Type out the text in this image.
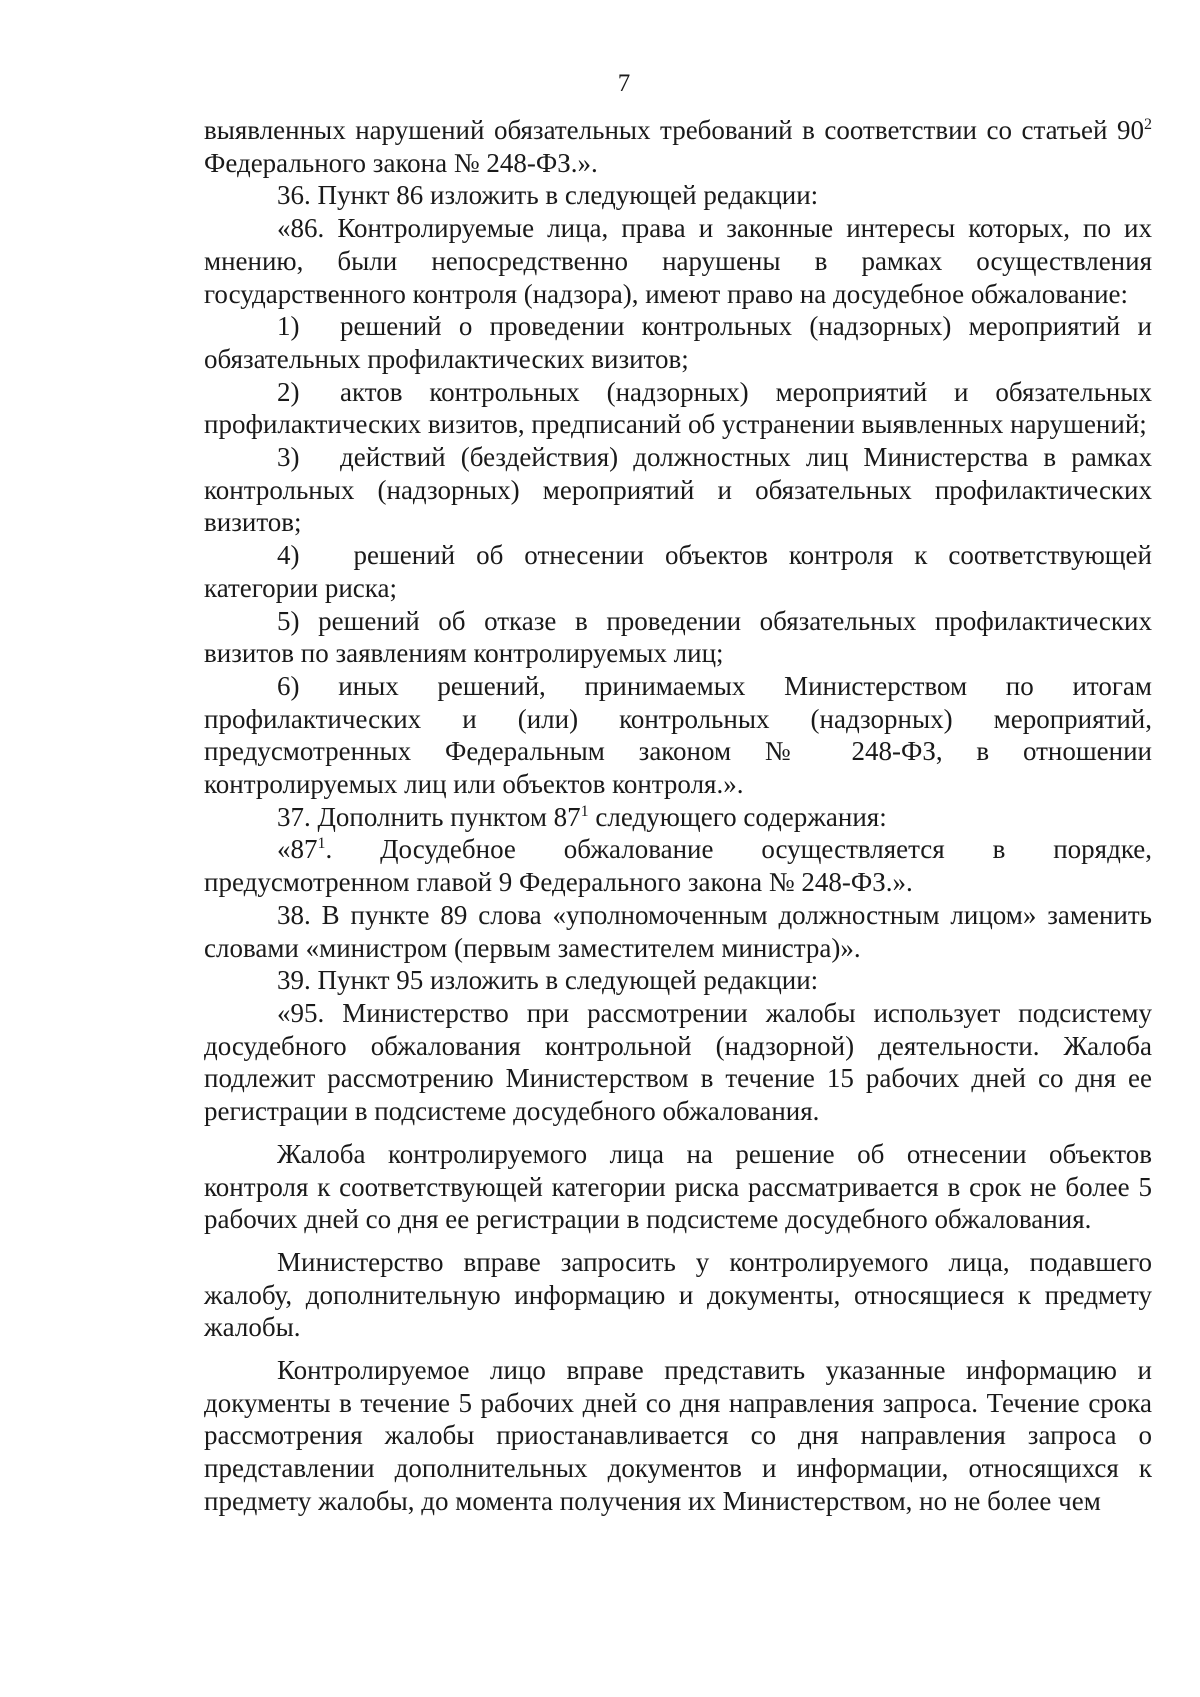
7

выявленных нарушений обязательных требований в соответствии со статьей $90^2$ Федерального закона № 248-ФЗ.».

36. Пункт 86 изложить в следующей редакции:

«86. Контролируемые лица, права и законные интересы которых, по их мнению, были непосредственно нарушены в рамках осуществления государственного контроля (надзора), имеют право на досудебное обжалование:

1)   решений о проведении контрольных (надзорных) мероприятий и обязательных профилактических визитов;

2)   актов контрольных (надзорных) мероприятий и обязательных профилактических визитов, предписаний об устранении выявленных нарушений;

3)   действий (бездействия) должностных лиц Министерства в рамках контрольных (надзорных) мероприятий и обязательных профилактических визитов;

4)   решений об отнесении объектов контроля к соответствующей категории риска;

5) решений об отказе в проведении обязательных профилактических визитов по заявлениям контролируемых лиц;

6) иных решений, принимаемых Министерством по итогам профилактических и (или) контрольных (надзорных) мероприятий, предусмотренных Федеральным законом № 248-ФЗ, в отношении контролируемых лиц или объектов контроля.».

37. Дополнить пунктом $87^1$ следующего содержания:

«$87^1$. Досудебное обжалование осуществляется в порядке, предусмотренном главой 9 Федерального закона № 248-ФЗ.».

38. В пункте 89 слова «уполномоченным должностным лицом» заменить словами «министром (первым заместителем министра)».

39. Пункт 95 изложить в следующей редакции:

«95. Министерство при рассмотрении жалобы использует подсистему досудебного обжалования контрольной (надзорной) деятельности. Жалоба подлежит рассмотрению Министерством в течение 15 рабочих дней со дня ее регистрации в подсистеме досудебного обжалования.

Жалоба контролируемого лица на решение об отнесении объектов контроля к соответствующей категории риска рассматривается в срок не более 5 рабочих дней со дня ее регистрации в подсистеме досудебного обжалования.

Министерство вправе запросить у контролируемого лица, подавшего жалобу, дополнительную информацию и документы, относящиеся к предмету жалобы.

Контролируемое лицо вправе представить указанные информацию и документы в течение 5 рабочих дней со дня направления запроса. Течение срока рассмотрения жалобы приостанавливается со дня направления запроса о представлении дополнительных документов и информации, относящихся к предмету жалобы, до момента получения их Министерством, но не более чем
